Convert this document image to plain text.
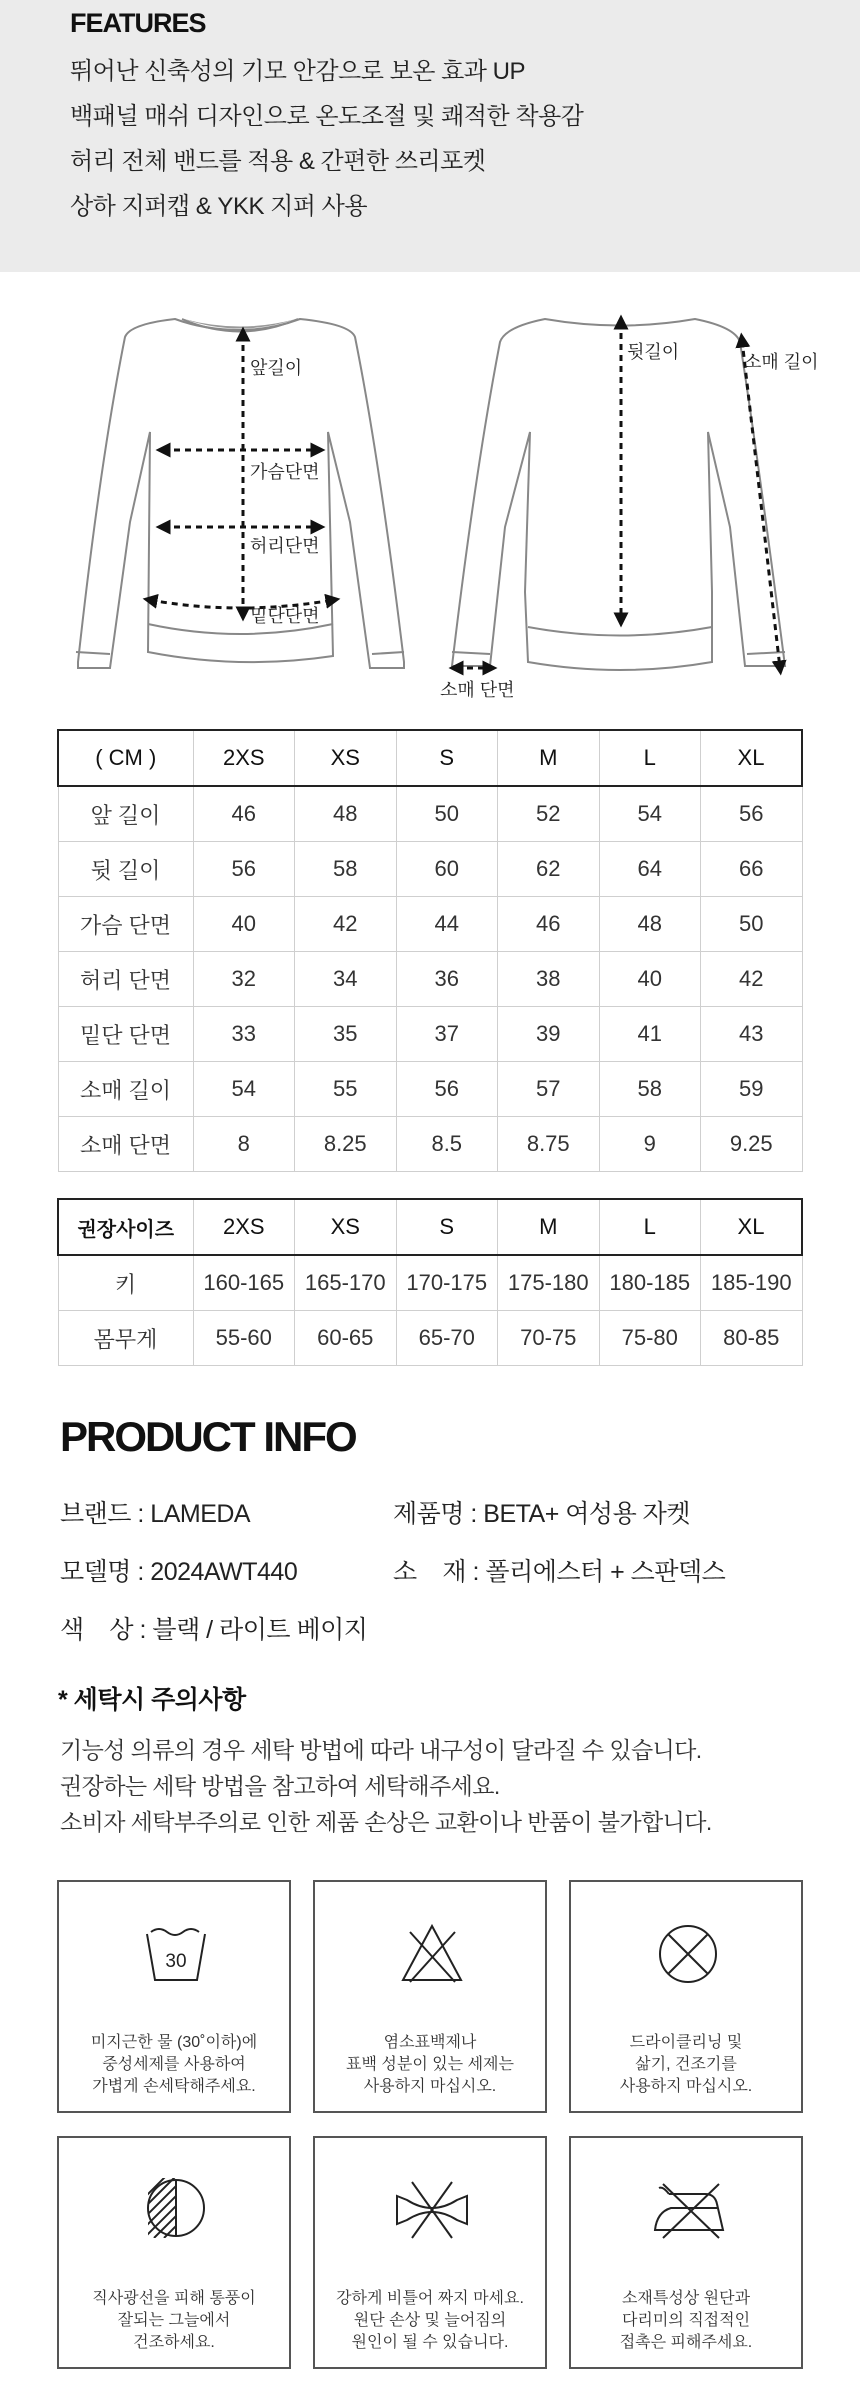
FEATURES
뛰어난 신축성의 기모 안감으로 보온 효과 UP
백패널 매쉬 디자인으로 온도조절 및 쾌적한 착용감
허리 전체 밴드를 적용 & 간편한 쓰리포켓
상하 지퍼캡 & YKK 지퍼 사용
앞길이
가슴단면
허리단면
밑단단면
뒷길이	소매 길이
소매 단면
( CM )	2XS	XS	S	M	L	XL
앞 길이	46	48	50	52	54	56
뒷 길이	56	58	60	62	64	66
가슴 단면	40	42	44	46	48	50
허리 단면	32	34	36	38	40	42
밑단 단면	33	35	37	39	41	43
소매 길이	54	55	56	57	58	59
소매 단면	8	8.25	8.5	8.75	9	9.25
권장사이즈	2XS	XS	S	M	L	XL
키	160-165	165-170	170-175	175-180	180-185	185-190
몸무게	55-60	60-65	65-70	70-75	75-80	80-85
PRODUCT INFO
브랜드 : LAMEDA	제품명 : BETA+ 여성용 자켓
모델명 : 2024AWT440	소    재 : 폴리에스터 + 스판덱스
색    상 : 블랙 / 라이트 베이지
* 세탁시 주의사항
기능성 의류의 경우 세탁 방법에 따라 내구성이 달라질 수 있습니다.
권장하는 세탁 방법을 참고하여 세탁해주세요.
소비자 세탁부주의로 인한 제품 손상은 교환이나 반품이 불가합니다.
30
미지근한 물 (30˚이하)에
중성세제를 사용하여
가볍게 손세탁해주세요.
염소표백제나
표백 성분이 있는 세제는
사용하지 마십시오.
드라이클리닝 및
삶기, 건조기를
사용하지 마십시오.
직사광선을 피해 통풍이
잘되는 그늘에서
건조하세요.
강하게 비틀어 짜지 마세요.
원단 손상 및 늘어짐의
원인이 될 수 있습니다.
소재특성상 원단과
다리미의 직접적인
접촉은 피해주세요.
